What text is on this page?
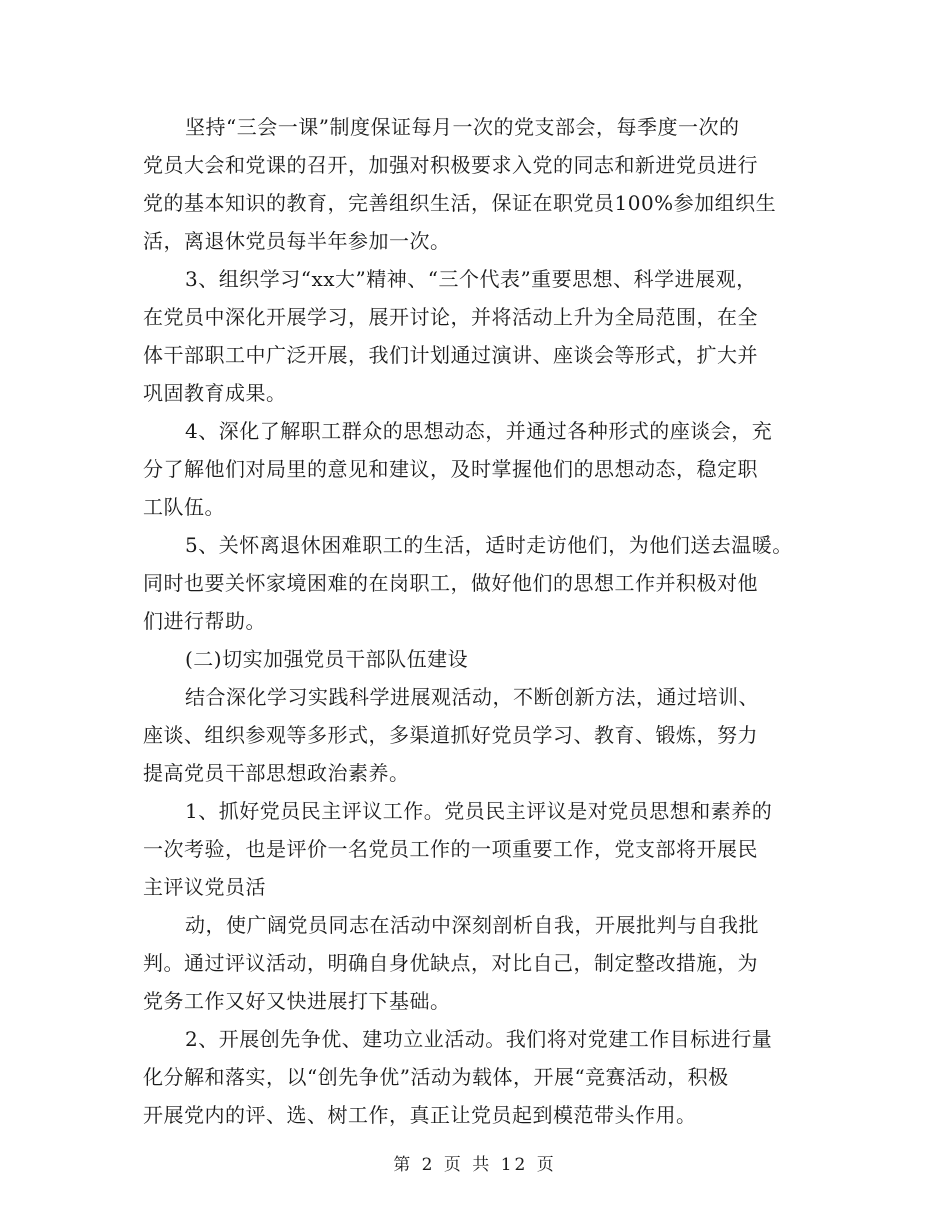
坚持“三会一课”制度保证每月一次的党支部会，每季度一次的
党员大会和党课的召开，加强对积极要求入党的同志和新进党员进行
党的基本知识的教育，完善组织生活，保证在职党员100%参加组织生
活，离退休党员每半年参加一次。
3、组织学习“xx大”精神、“三个代表”重要思想、科学进展观，
在党员中深化开展学习，展开讨论，并将活动上升为全局范围，在全
体干部职工中广泛开展，我们计划通过演讲、座谈会等形式，扩大并
巩固教育成果。
4、深化了解职工群众的思想动态，并通过各种形式的座谈会，充
分了解他们对局里的意见和建议，及时掌握他们的思想动态，稳定职
工队伍。
5、关怀离退休困难职工的生活，适时走访他们，为他们送去温暖。
同时也要关怀家境困难的在岗职工，做好他们的思想工作并积极对他
们进行帮助。
(二)切实加强党员干部队伍建设
结合深化学习实践科学进展观活动，不断创新方法，通过培训、
座谈、组织参观等多形式，多渠道抓好党员学习、教育、锻炼，努力
提高党员干部思想政治素养。
1、抓好党员民主评议工作。党员民主评议是对党员思想和素养的
一次考验，也是评价一名党员工作的一项重要工作，党支部将开展民
主评议党员活
动，使广阔党员同志在活动中深刻剖析自我，开展批判与自我批
判。通过评议活动，明确自身优缺点，对比自己，制定整改措施，为
党务工作又好又快进展打下基础。
2、开展创先争优、建功立业活动。我们将对党建工作目标进行量
化分解和落实，以“创先争优”活动为载体，开展“竞赛活动，积极
开展党内的评、选、树工作，真正让党员起到模范带头作用。
第 2 页 共 12 页
